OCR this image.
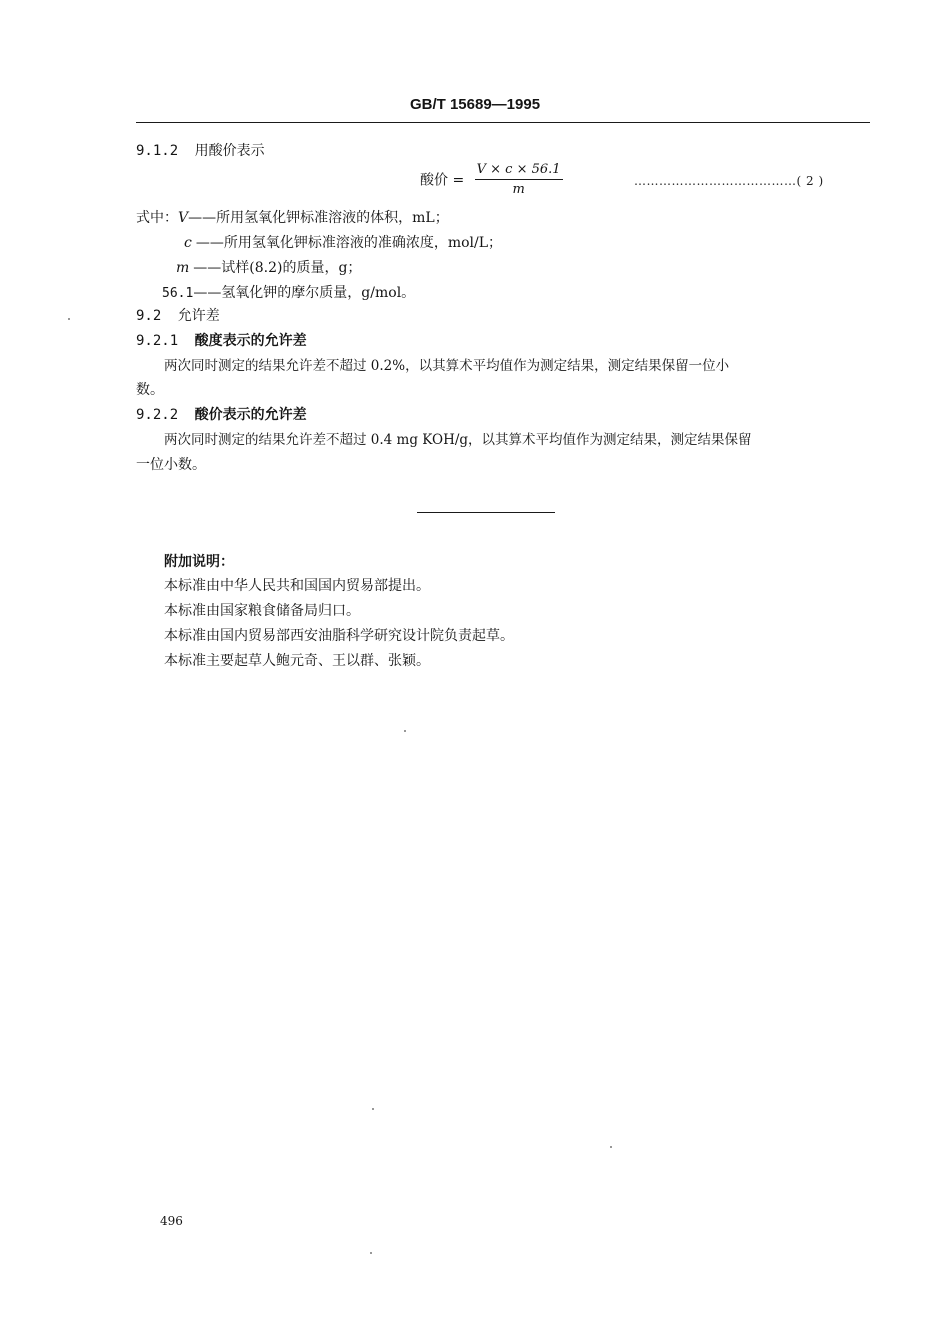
GB/T 15689—1995
9.1.2 用酸价表示
酸价 = $\frac{V \times c \times 56.1}{m}$	…………………………………( 2 )
式中：V——所用氢氧化钾标准溶液的体积，mL；
c ——所用氢氧化钾标准溶液的准确浓度，mol/L；
m ——试样(8.2)的质量，g；
56.1——氢氧化钾的摩尔质量，g/mol。
9.2 允许差
9.2.1 酸度表示的允许差
两次同时测定的结果允许差不超过 0.2%，以其算术平均值作为测定结果，测定结果保留一位小
数。
9.2.2 酸价表示的允许差
两次同时测定的结果允许差不超过 0.4 mg KOH/g，以其算术平均值作为测定结果，测定结果保留
一位小数。
附加说明：
本标准由中华人民共和国国内贸易部提出。
本标准由国家粮食储备局归口。
本标准由国内贸易部西安油脂科学研究设计院负责起草。
本标准主要起草人鲍元奇、王以群、张颖。
496
